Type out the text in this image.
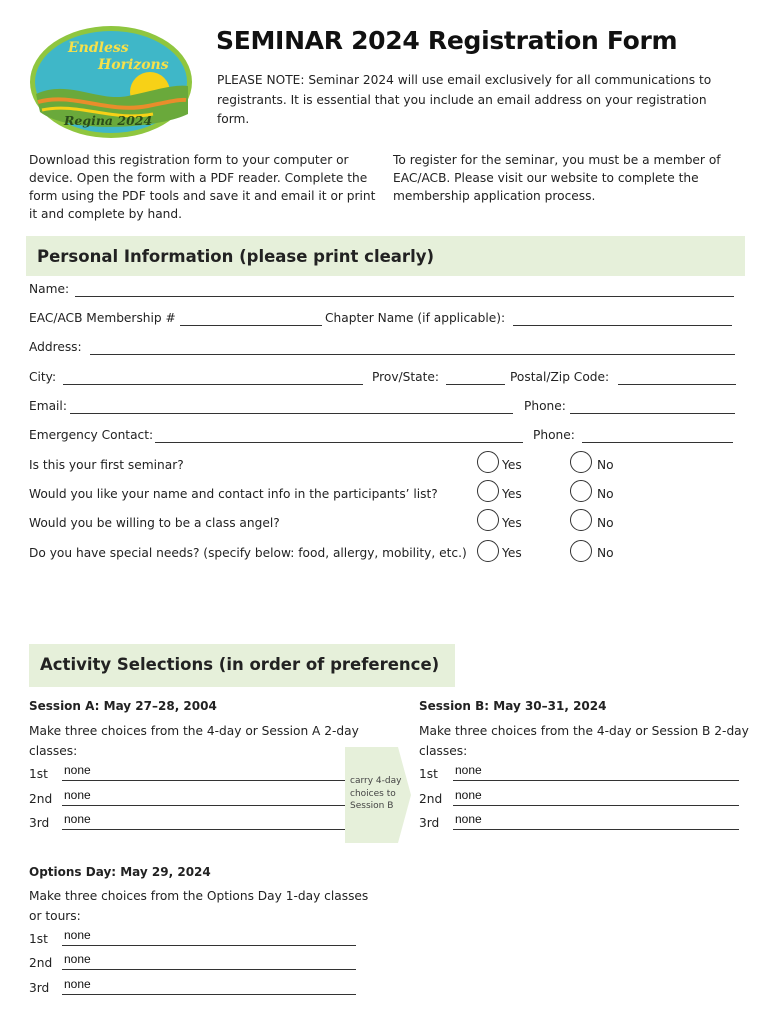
Endless
Horizons
Regina 2024
SEMINAR 2024 Registration Form
PLEASE NOTE: Seminar 2024 will use email exclusively for all communications to registrants. It is essential that you include an email address on your registration form.
Download this registration form to your computer or device. Open the form with a PDF reader. Complete the form using the PDF tools and save it and email it or print it and complete by hand.
To register for the seminar, you must be a member of EAC/ACB. Please visit our website to complete the membership application process.
Personal Information (please print clearly)
Name:
EAC/ACB Membership #	Chapter Name (if applicable):
Address:
City:	Prov/State:	Postal/Zip Code:
Email:	Phone:
Emergency Contact:	Phone:
Is this your first seminar?	Yes	No
Would you like your name and contact info in the participants’ list?	Yes	No
Would you be willing to be a class angel?	Yes	No
Do you have special needs? (specify below: food, allergy, mobility, etc.)	Yes	No
Activity Selections (in order of preference)
Session A: May 27–28, 2004
Make three choices from the 4-day or Session A 2-day classes:
1st none
2nd none
3rd none
carry 4-day choices to Session B
Session B: May 30–31, 2024
Make three choices from the 4-day or Session B 2-day classes:
1st none
2nd none
3rd none
Options Day: May 29, 2024
Make three choices from the Options Day 1-day classes or tours:
1st none
2nd none
3rd none
